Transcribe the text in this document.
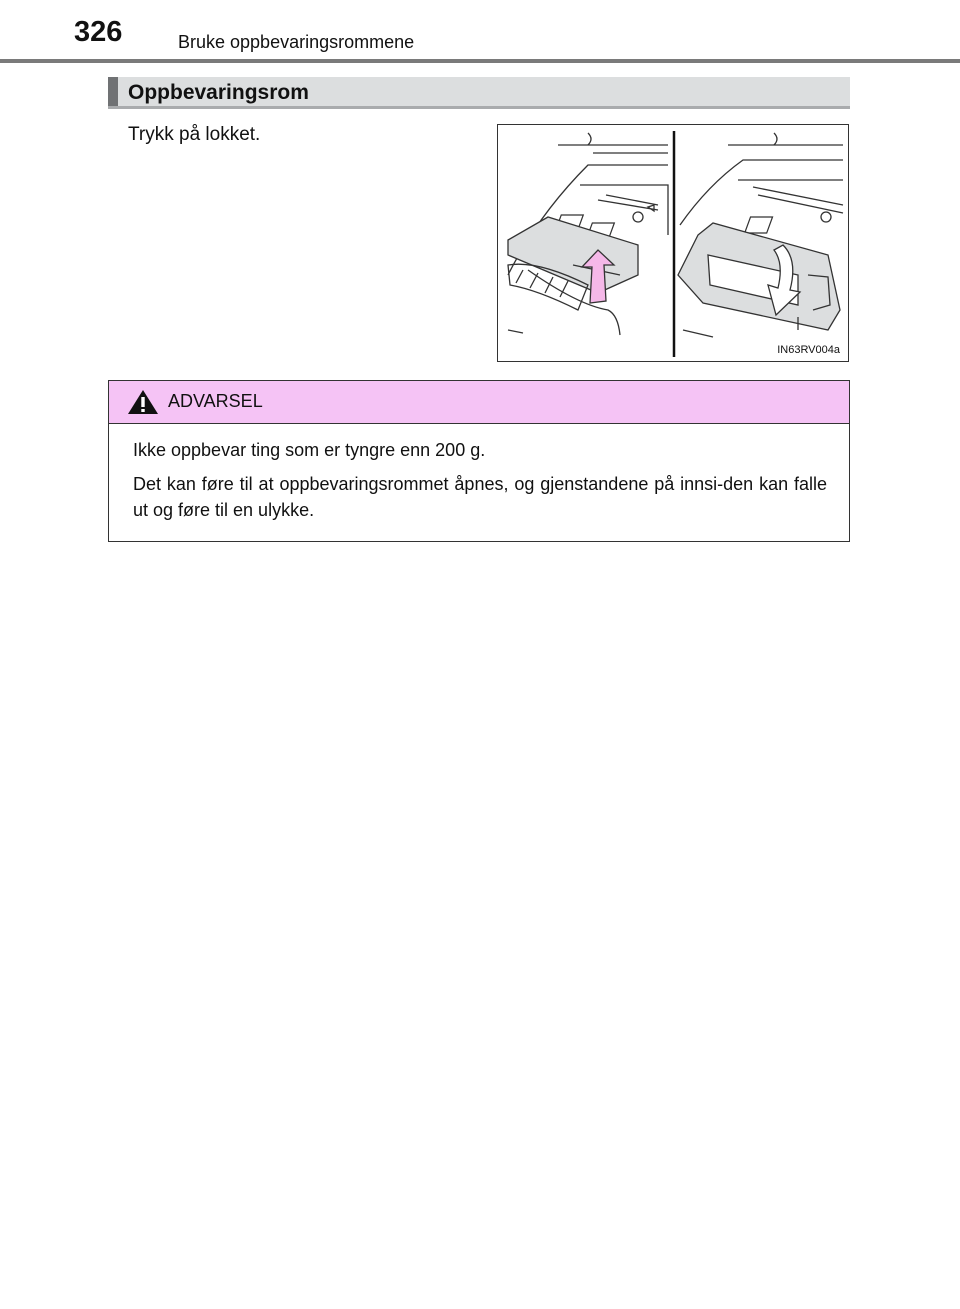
326	Bruke oppbevaringsrommene
Oppbevaringsrom
Trykk på lokket.
IN63RV004a
ADVARSEL

Ikke oppbevar ting som er tyngre enn 200 g.

Det kan føre til at oppbevaringsrommet åpnes, og gjenstandene på innsi-den kan falle ut og føre til en ulykke.
